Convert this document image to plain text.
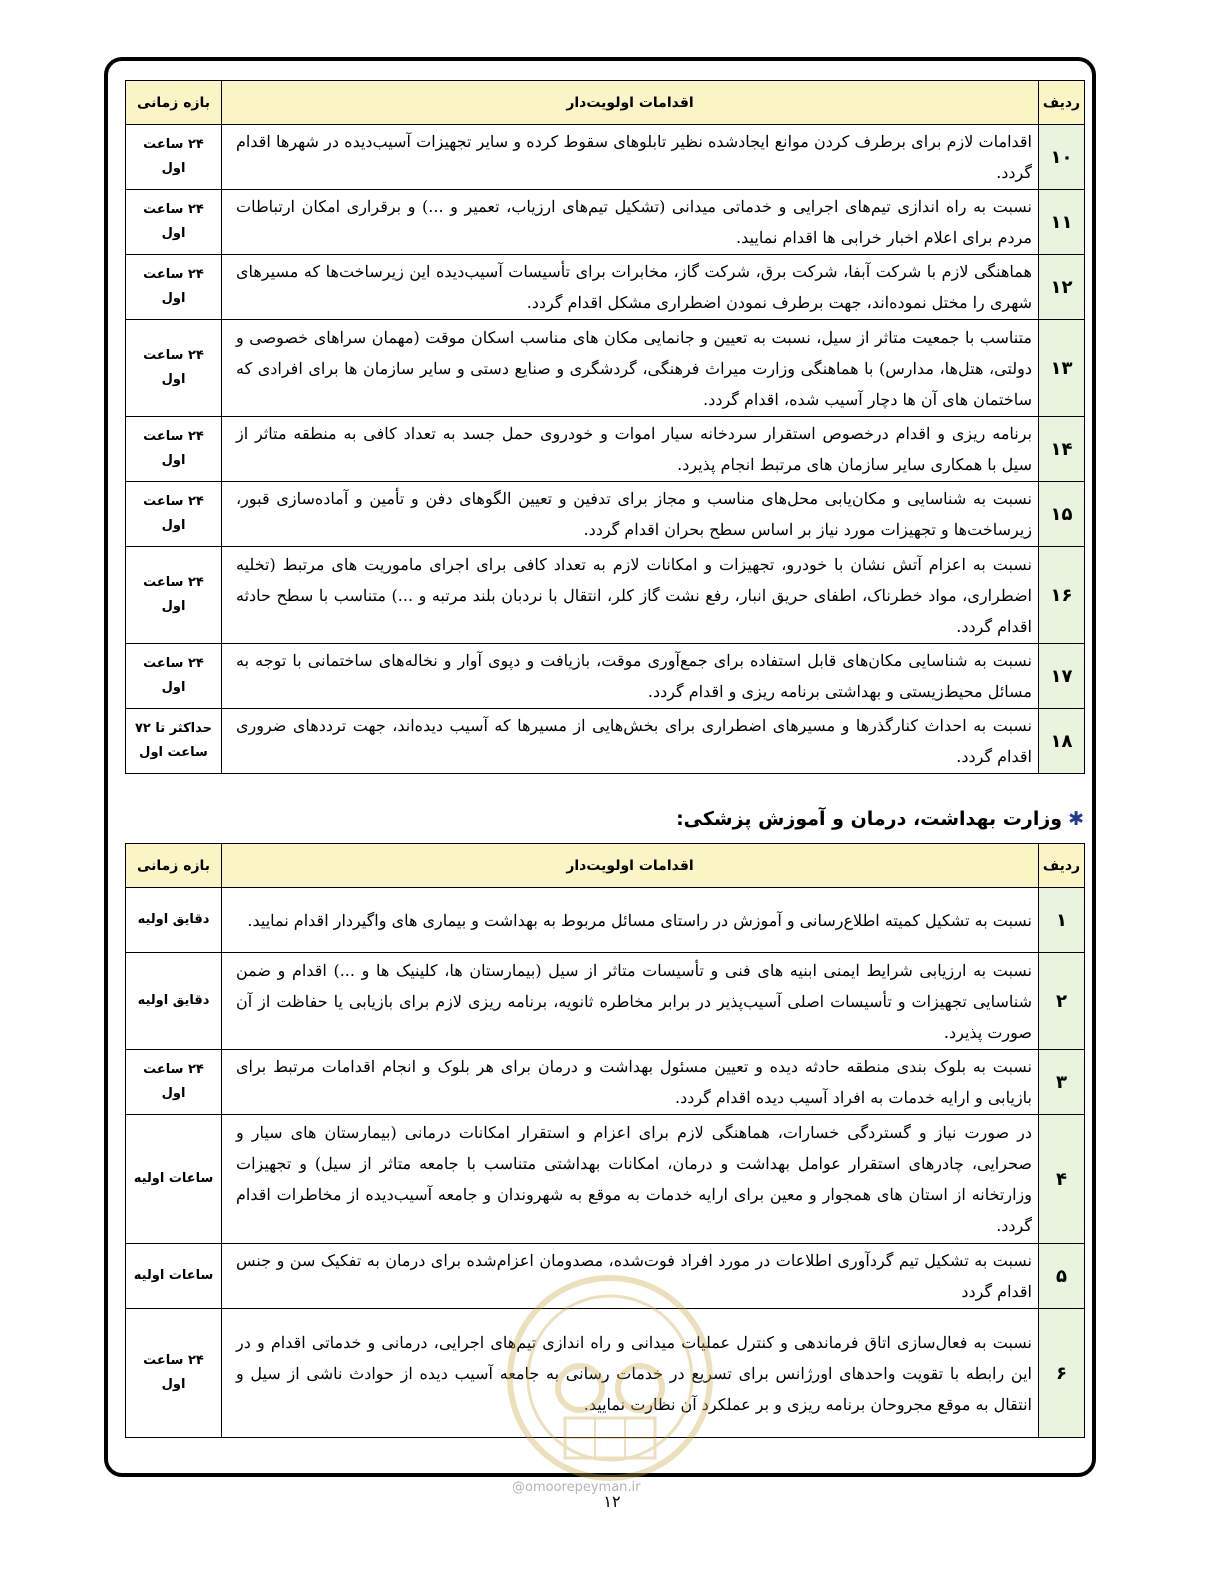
ردیف	اقدامات اولویت‌دار	بازه زمانی
۱۰	اقدامات لازم برای برطرف کردن موانع ایجادشده نظیر تابلوهای سقوط کرده و سایر تجهیزات آسیب‌دیده در شهرها اقدام گردد.	۲۴ ساعت اول
۱۱	نسبت به راه اندازی تیم‌های اجرایی و خدماتی میدانی (تشکیل تیم‌های ارزیاب، تعمیر و ...) و برقراری امکان ارتباطات مردم برای اعلام اخبار خرابی ها اقدام نمایید.	۲۴ ساعت اول
۱۲	هماهنگی لازم با شرکت آبفا، شرکت برق، شرکت گاز، مخابرات برای تأسیسات آسیب‌دیده این زیرساخت‌ها که مسیرهای شهری را مختل نموده‌اند، جهت برطرف نمودن اضطراری مشکل اقدام گردد.	۲۴ ساعت اول
۱۳	متناسب با جمعیت متاثر از سیل، نسبت به تعیین و جانمایی مکان های مناسب اسکان موقت (مهمان سراهای خصوصی و دولتی، هتل‌ها، مدارس) با هماهنگی وزارت میراث فرهنگی، گردشگری و صنایع دستی و سایر سازمان ها برای افرادی که ساختمان های آن ها دچار آسیب شده، اقدام گردد.	۲۴ ساعت اول
۱۴	برنامه ریزی و اقدام درخصوص استقرار سردخانه سیار اموات و خودروی حمل جسد به تعداد کافی به منطقه متاثر از سیل با همکاری سایر سازمان های مرتبط انجام پذیرد.	۲۴ ساعت اول
۱۵	نسبت به شناسایی و مکان‌یابی محل‌های مناسب و مجاز برای تدفین و تعیین الگوهای دفن و تأمین و آماده‌سازی قبور، زیرساخت‌ها و تجهیزات مورد نیاز بر اساس سطح بحران اقدام گردد.	۲۴ ساعت اول
۱۶	نسبت به اعزام آتش نشان با خودرو، تجهیزات و امکانات لازم به تعداد کافی برای اجرای ماموریت های مرتبط (تخلیه اضطراری، مواد خطرناک، اطفای حریق انبار، رفع نشت گاز کلر، انتقال با نردبان بلند مرتبه و ...) متناسب با سطح حادثه اقدام گردد.	۲۴ ساعت اول
۱۷	نسبت به شناسایی مکان‌های قابل استفاده برای جمع‌آوری موقت، بازیافت و دپوی آوار و نخاله‌های ساختمانی با توجه به مسائل محیط‌زیستی و بهداشتی برنامه ریزی و اقدام گردد.	۲۴ ساعت اول
۱۸	نسبت به احداث کنارگذرها و مسیرهای اضطراری برای بخش‌هایی از مسیرها که آسیب دیده‌اند، جهت ترددهای ضروری اقدام گردد.	حداکثر تا ۷۲ ساعت اول
✱وزارت بهداشت، درمان و آموزش پزشکی:
ردیف	اقدامات اولویت‌دار	بازه زمانی
۱	نسبت به تشکیل کمیته اطلاع‌رسانی و آموزش در راستای مسائل مربوط به بهداشت و بیماری های واگیردار اقدام نمایید.	دقایق اولیه
۲	نسبت به ارزیابی شرایط ایمنی ابنیه های فنی و تأسیسات متاثر از سیل (بیمارستان ها، کلینیک ها و ...) اقدام و ضمن شناسایی تجهیزات و تأسیسات اصلی آسیب‌پذیر در برابر مخاطره ثانویه، برنامه ریزی لازم برای بازیابی یا حفاظت از آن صورت پذیرد.	دقایق اولیه
۳	نسبت به بلوک بندی منطقه حادثه دیده و تعیین مسئول بهداشت و درمان برای هر بلوک و انجام اقدامات مرتبط برای بازیابی و ارایه خدمات به افراد آسیب دیده اقدام گردد.	۲۴ ساعت اول
۴	در صورت نیاز و گستردگی خسارات، هماهنگی لازم برای اعزام و استقرار امکانات درمانی (بیمارستان های سیار و صحرایی، چادرهای استقرار عوامل بهداشت و درمان، امکانات بهداشتی متناسب با جامعه متاثر از سیل) و تجهیزات وزارتخانه از استان های همجوار و معین برای ارایه خدمات به موقع به شهروندان و جامعه آسیب‌دیده از مخاطرات اقدام گردد.	ساعات اولیه
۵	نسبت به تشکیل تیم گردآوری اطلاعات در مورد افراد فوت‌شده، مصدومان اعزام‌شده برای درمان به تفکیک سن و جنس اقدام گردد	ساعات اولیه
۶	نسبت به فعال‌سازی اتاق فرماندهی و کنترل عملیات میدانی و راه اندازی تیم‌های اجرایی، درمانی و خدماتی اقدام و در این رابطه با تقویت واحدهای اورژانس برای تسریع در خدمات رسانی به جامعه آسیب دیده از حوادث ناشی از سیل و انتقال به موقع مجروحان برنامه ریزی و بر عملکرد آن نظارت نمایید.	۲۴ ساعت اول
@omoorepeyman.ir
۱۲
